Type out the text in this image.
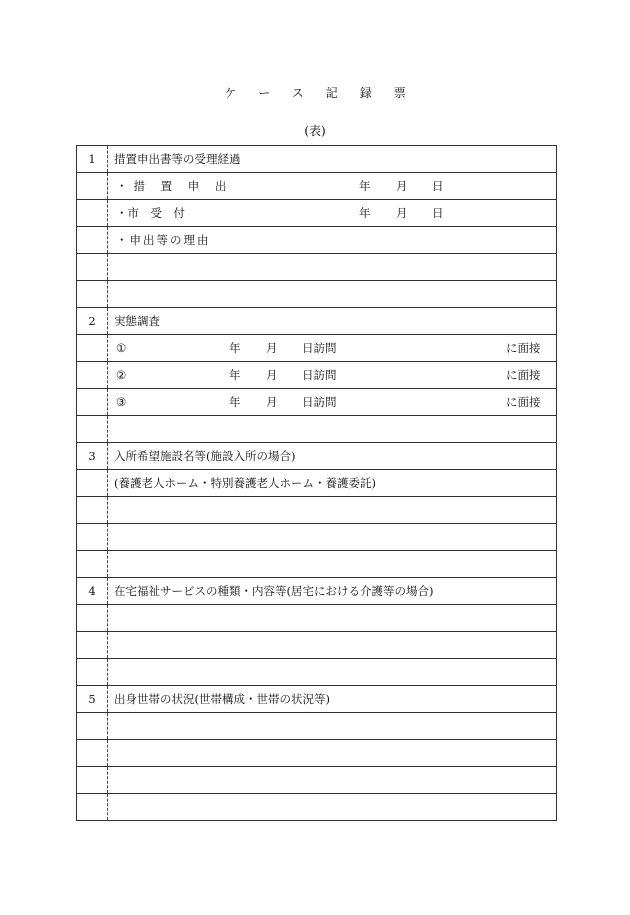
ケース記録票
(表)
1	措置申出書等の受理経過

	・措 置 申 出 年 月 日

	・市　受　付 年 月 日

	・申出等の理由

2	実態調査

	① 年 月 日訪問 に面接

	② 年 月 日訪問 に面接

	③ 年 月 日訪問 に面接

3	入所希望施設名等(施設入所の場合)
	(養護老人ホーム・特別養護老人ホーム・養護委託)

4	在宅福祉サービスの種類・内容等(居宅における介護等の場合)

5	出身世帯の状況(世帯構成・世帯の状況等)
